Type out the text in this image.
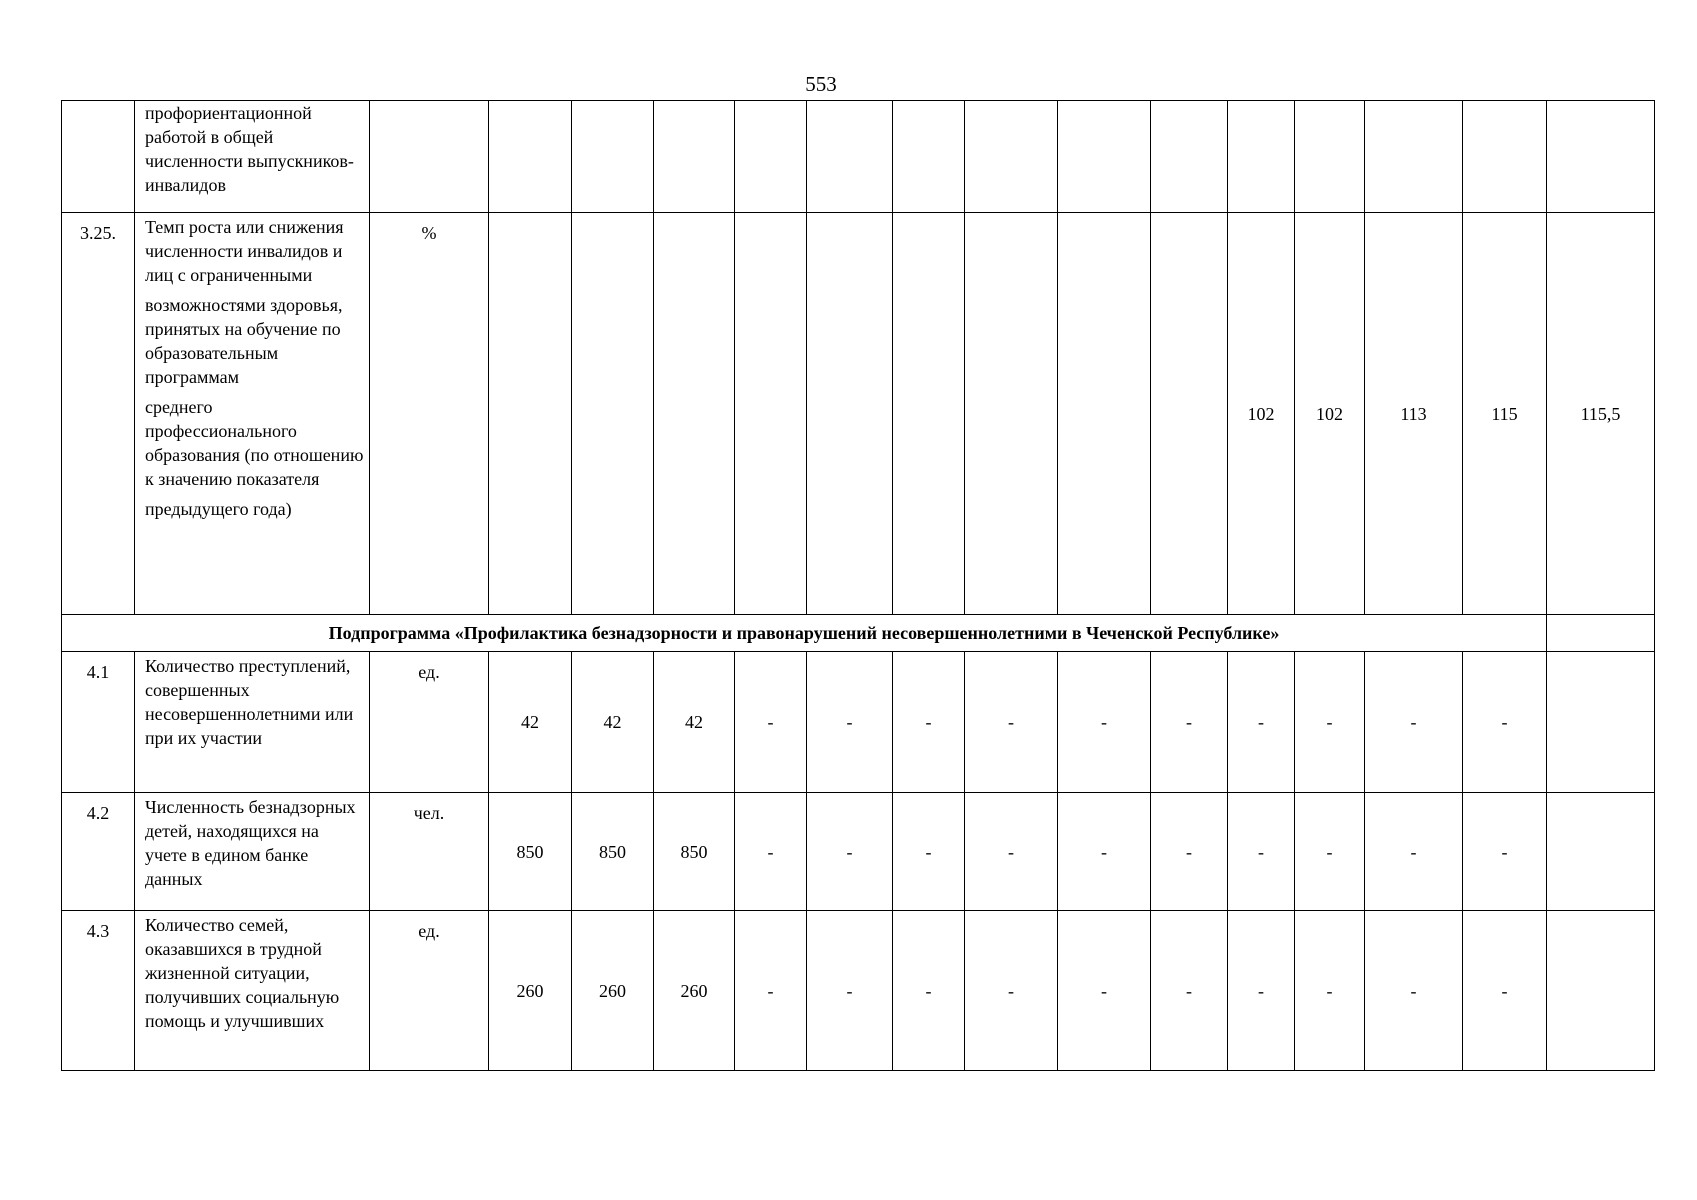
553

	профориентационной работой в общей численности выпускников-инвалидов															

3.25.	Темп роста или снижения численности инвалидов и лиц с ограниченными
возможностями здоровья, принятых на обучение по образовательным программам
среднего профессионального образования (по отношению к значению показателя
предыдущего года)	%										102	102	113	115	115,5
Подпрограмма «Профилактика безнадзорности и правонарушений несовершеннолетними в Чеченской Республике»																
4.1	Количество преступлений, совершенных несовершеннолетними или при их участии	ед.	42	42	42	-	-	-	-	-	-	-	-	-	-	
4.2	Численность безнадзорных детей, находящихся на учете в едином банке данных	чел.	850	850	850	-	-	-	-	-	-	-	-	-	-	
4.3	Количество семей, оказавшихся в трудной жизненной ситуации, получивших социальную помощь и улучшивших	ед.	260	260	260	-	-	-	-	-	-	-	-	-	-	
